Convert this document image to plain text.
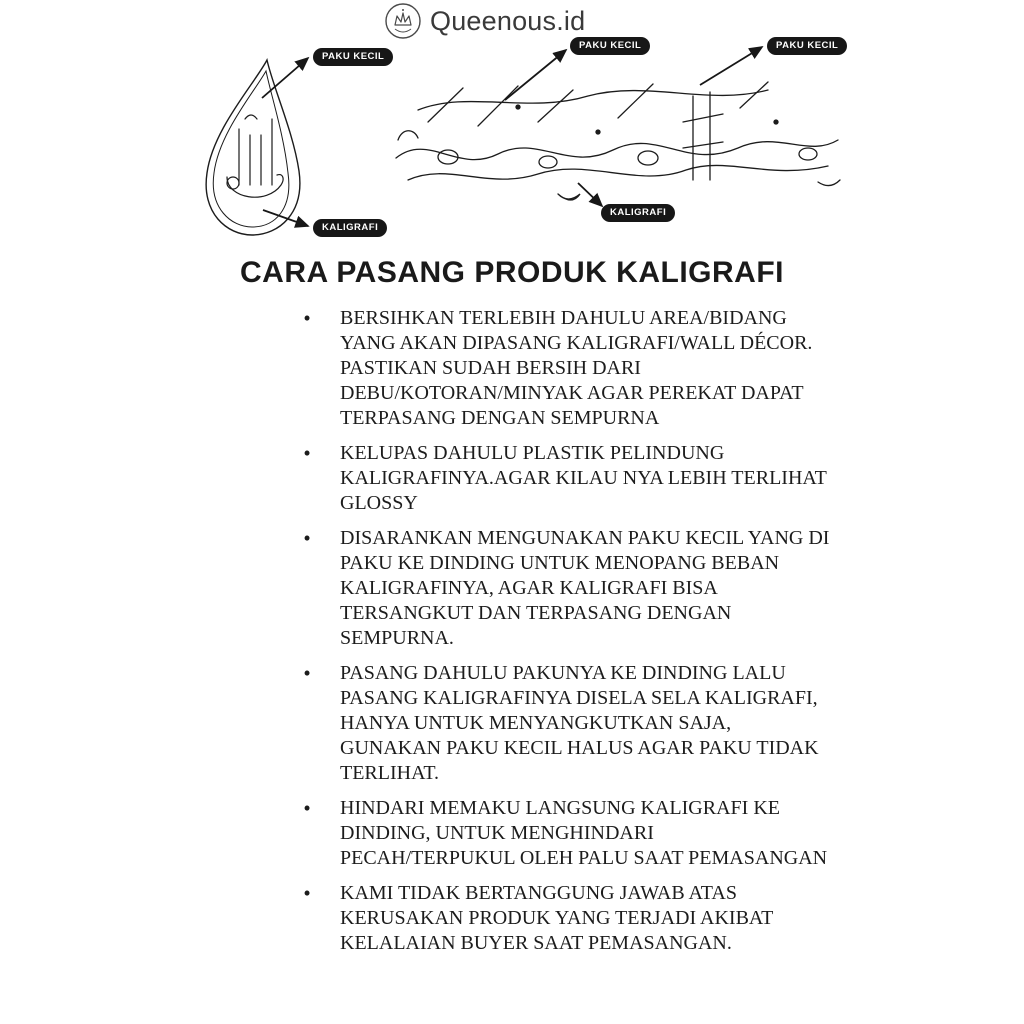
Queenous.id
PAKU KECIL
KALIGRAFI
PAKU KECIL	PAKU KECIL
KALIGRAFI
CARA PASANG PRODUK KALIGRAFI
•	BERSIHKAN TERLEBIH DAHULU AREA/BIDANG YANG AKAN DIPASANG KALIGRAFI/WALL DÉCOR. PASTIKAN SUDAH BERSIH DARI DEBU/KOTORAN/MINYAK AGAR PEREKAT DAPAT TERPASANG DENGAN SEMPURNA
•	KELUPAS DAHULU PLASTIK PELINDUNG KALIGRAFINYA.AGAR KILAU NYA LEBIH TERLIHAT GLOSSY
•	DISARANKAN MENGUNAKAN PAKU KECIL YANG DI PAKU KE DINDING UNTUK MENOPANG BEBAN KALIGRAFINYA, AGAR KALIGRAFI BISA TERSANGKUT DAN TERPASANG DENGAN SEMPURNA.
•	PASANG DAHULU PAKUNYA KE DINDING LALU PASANG KALIGRAFINYA DISELA SELA KALIGRAFI, HANYA UNTUK MENYANGKUTKAN SAJA, GUNAKAN PAKU KECIL HALUS AGAR PAKU TIDAK TERLIHAT.
•	HINDARI MEMAKU LANGSUNG KALIGRAFI KE DINDING, UNTUK MENGHINDARI PECAH/TERPUKUL OLEH PALU SAAT PEMASANGAN
•	KAMI TIDAK BERTANGGUNG JAWAB ATAS KERUSAKAN PRODUK YANG TERJADI AKIBAT KELALAIAN BUYER SAAT PEMASANGAN.
